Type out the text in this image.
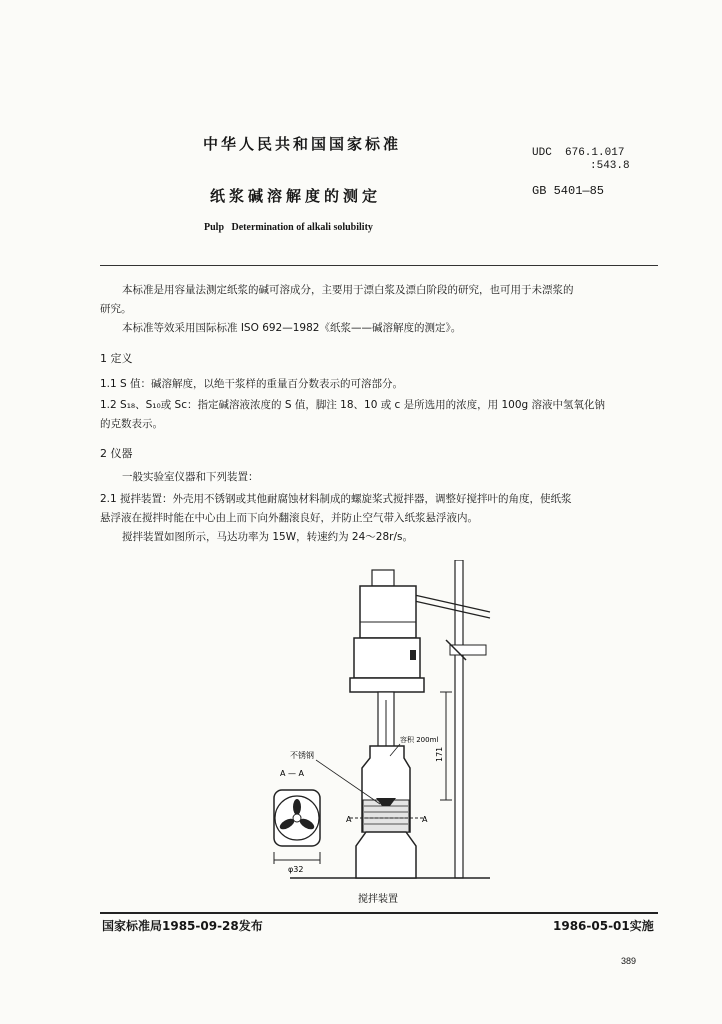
中华人民共和国国家标准
纸浆碱溶解度的测定
Pulp   Determination of alkali solubility
UDC  676.1.017
:543.8
GB 5401—85
本标准是用容量法测定纸浆的碱可溶成分，主要用于漂白浆及漂白阶段的研究，也可用于未漂浆的
研究。
本标准等效采用国际标准 ISO 692—1982《纸浆——碱溶解度的测定》。
1 定义
1.1 S 值：碱溶解度，以绝干浆样的重量百分数表示的可溶部分。
1.2 S₁₈、S₁₀或 Sc：指定碱溶液浓度的 S 值，脚注 18、10 或 c 是所选用的浓度，用 100g 溶液中氢氧化钠
的克数表示。
2 仪器
一般实验室仪器和下列装置：
2.1 搅拌装置：外壳用不锈钢或其他耐腐蚀材料制成的螺旋桨式搅拌器，调整好搅拌叶的角度，使纸浆
悬浮液在搅拌时能在中心由上而下向外翻滚良好，并防止空气带入纸浆悬浮液内。
搅拌装置如图所示，马达功率为 15W，转速约为 24～28r/s。
171
A	A
容积 200ml
不锈钢
A — A
φ32
搅拌装置
国家标准局1985-09-28发布	1986-05-01实施
389
